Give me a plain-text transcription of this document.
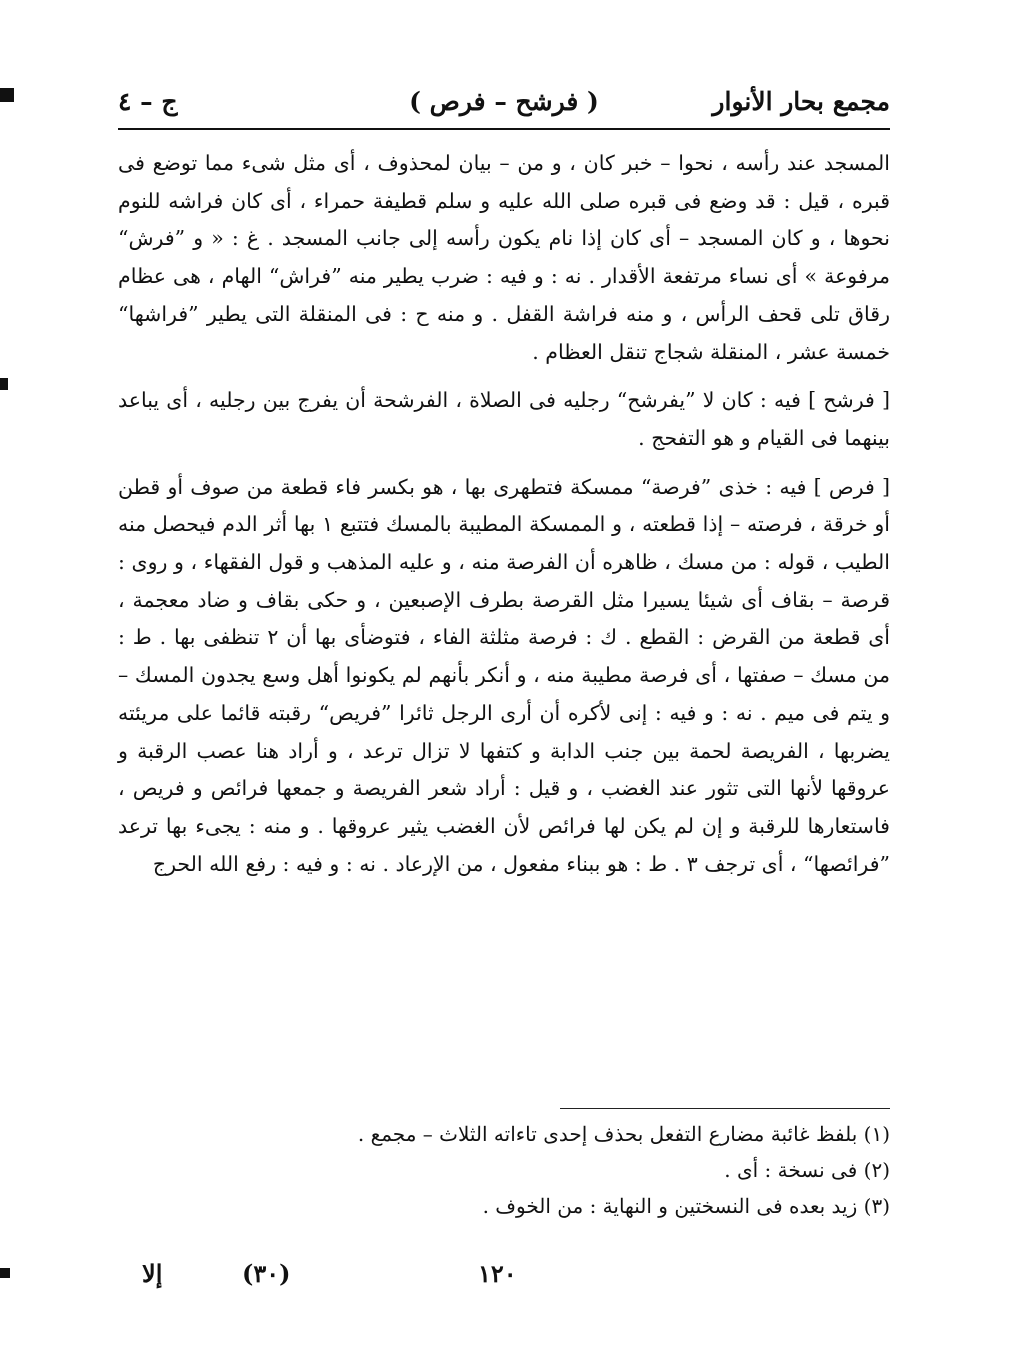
مجمع بحار الأنوار
( فرشح – فرص )
ج – ٤

المسجد عند رأسه ، نحوا – خبر كان ، و من – بيان لمحذوف ، أى مثل شىء مما توضع فى قبره ، قيل : قد وضع فى قبره صلى الله عليه و سلم قطيفة حمراء ، أى كان فراشه للنوم نحوها ، و كان المسجد – أى كان إذا نام يكون رأسه إلى جانب المسجد . غ : « و ”فرش“ مرفوعة » أى نساء مرتفعة الأقدار . نه : و فيه : ضرب يطير منه ”فراش“ الهام ، هى عظام رقاق تلى قحف الرأس ، و منه فراشة القفل . و منه ح : فى المنقلة التى يطير ”فراشها“ خمسة عشر ، المنقلة شجاج تنقل العظام .

[ فرشح ] فيه : كان لا ”يفرشح“ رجليه فى الصلاة ، الفرشحة أن يفرج بين رجليه ، أى يباعد بينهما فى القيام و هو التفحج .

[ فرص ] فيه : خذى ”فرصة“ ممسكة فتطهرى بها ، هو بكسر فاء قطعة من صوف أو قطن أو خرقة ، فرصته – إذا قطعته ، و الممسكة المطيبة بالمسك فتتبع ١ بها أثر الدم فيحصل منه الطيب ، قوله : من مسك ، ظاهره أن الفرصة منه ، و عليه المذهب و قول الفقهاء ، و روى : قرصة – بقاف أى شيئا يسيرا مثل القرصة بطرف الإصبعين ، و حكى بقاف و ضاد معجمة ، أى قطعة من القرض : القطع . ك : فرصة مثلثة الفاء ، فتوضأى بها أن ٢ تنظفى بها . ط : من مسك – صفتها ، أى فرصة مطيبة منه ، و أنكر بأنهم لم يكونوا أهل وسع يجدون المسك – و يتم فى ميم . نه : و فيه : إنى لأكره أن أرى الرجل ثائرا ”فريص“ رقبته قائما على مريئته يضربها ، الفريصة لحمة بين جنب الدابة و كتفها لا تزال ترعد ، و أراد هنا عصب الرقبة و عروقها لأنها التى تثور عند الغضب ، و قيل : أراد شعر الفريصة و جمعها فرائص و فريص ، فاستعارها للرقبة و إن لم يكن لها فرائص لأن الغضب يثير عروقها . و منه : يجىء بها ترعد ”فرائصها“ ، أى ترجف ٣ . ط : هو ببناء مفعول ، من الإرعاد . نه : و فيه : رفع الله الحرج

(١) بلفظ غائبة مضارع التفعل بحذف إحدى تاءاته الثلاث – مجمع .
(٢) فى نسخة : أى .
(٣) زيد بعده فى النسختين و النهاية : من الخوف .
إلا	(٣٠)	١٢٠
